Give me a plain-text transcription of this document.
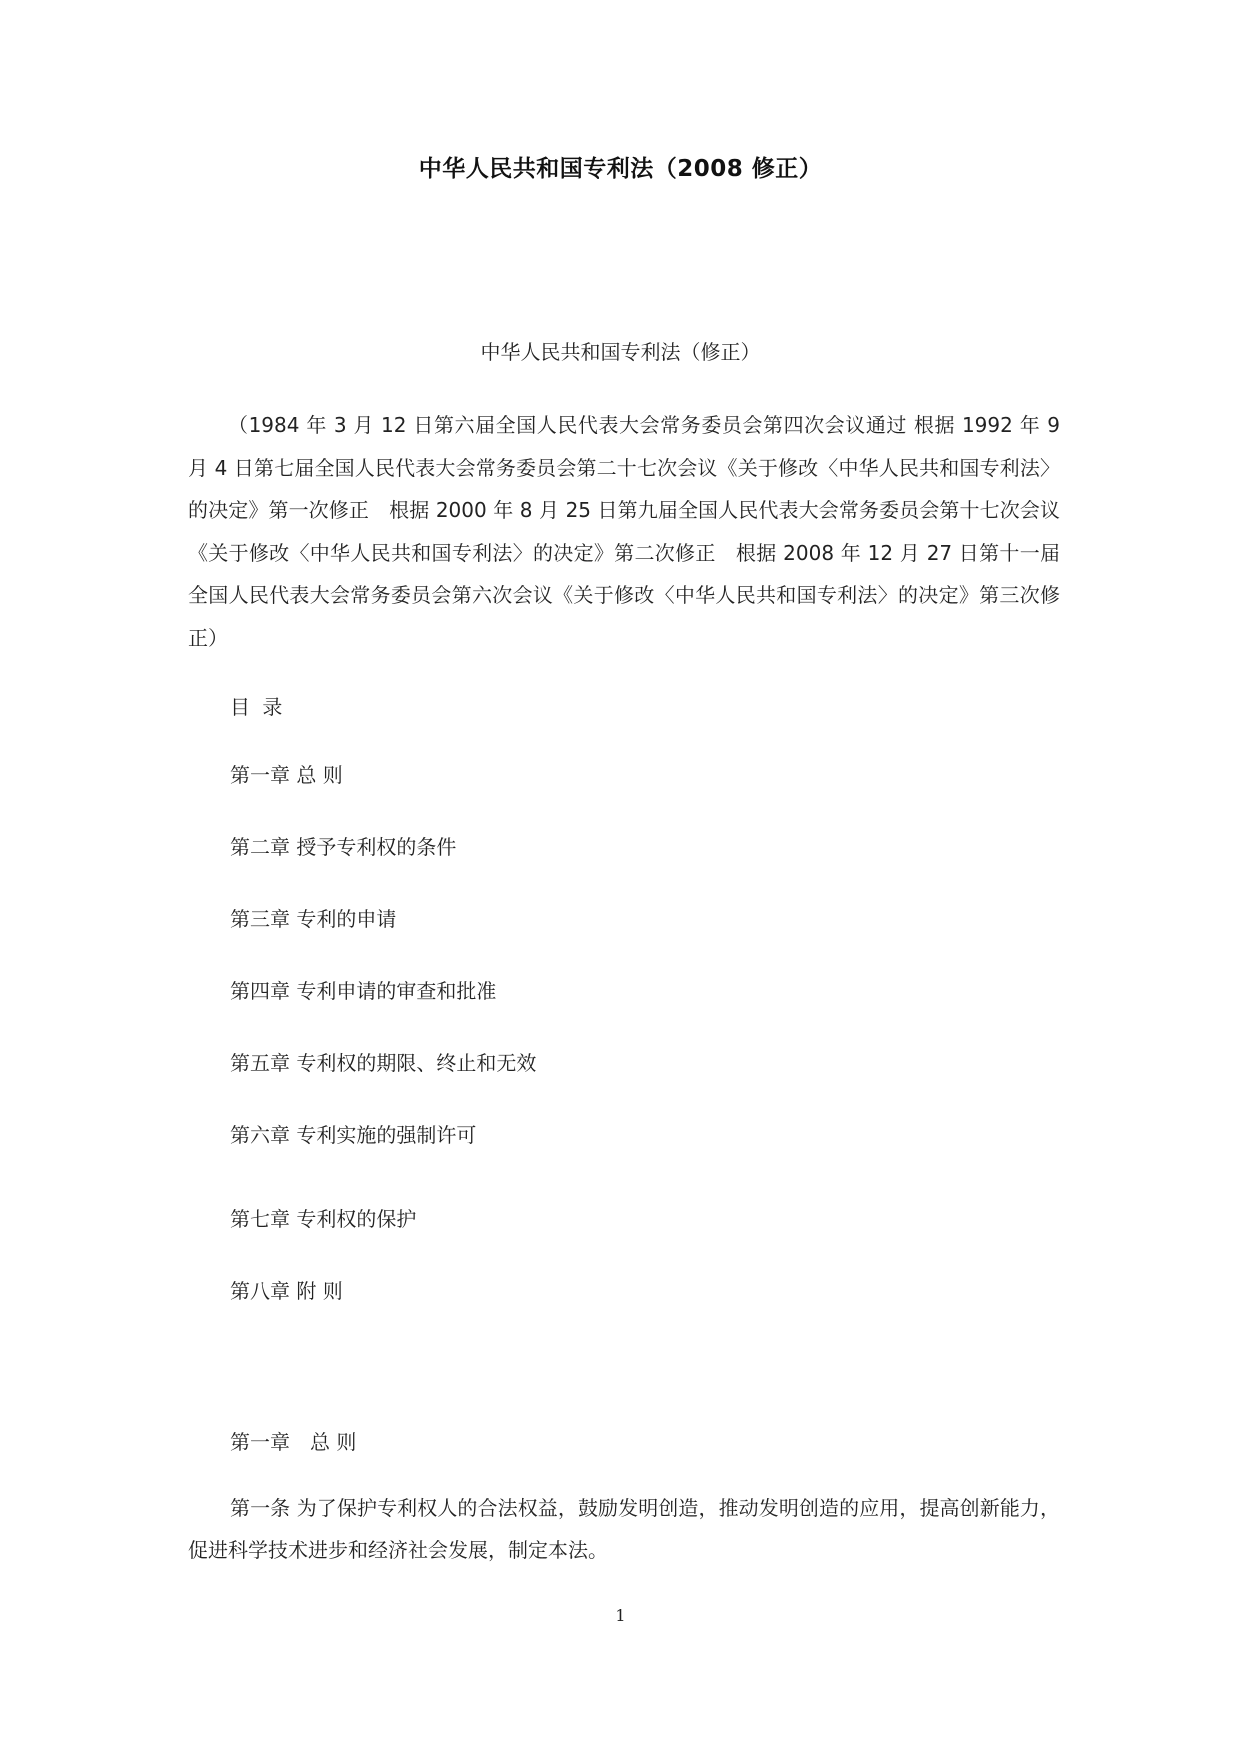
中华人民共和国专利法（2008 修正）
中华人民共和国专利法（修正）

（1984 年 3 月 12 日第六届全国人民代表大会常务委员会第四次会议通过 根据 1992 年 9 月 4 日第七届全国人民代表大会常务委员会第二十七次会议《关于修改〈中华人民共和国专利法〉的决定》第一次修正　根据 2000 年 8 月 25 日第九届全国人民代表大会常务委员会第十七次会议《关于修改〈中华人民共和国专利法〉的决定》第二次修正　根据 2008 年 12 月 27 日第十一届全国人民代表大会常务委员会第六次会议《关于修改〈中华人民共和国专利法〉的决定》第三次修正）

目 录
第一章 总 则
第二章 授予专利权的条件
第三章 专利的申请
第四章 专利申请的审查和批准
第五章 专利权的期限、终止和无效
第六章 专利实施的强制许可
第七章 专利权的保护
第八章 附 则
第一章　总 则

第一条 为了保护专利权人的合法权益，鼓励发明创造，推动发明创造的应用，提高创新能力，促进科学技术进步和经济社会发展，制定本法。

1
